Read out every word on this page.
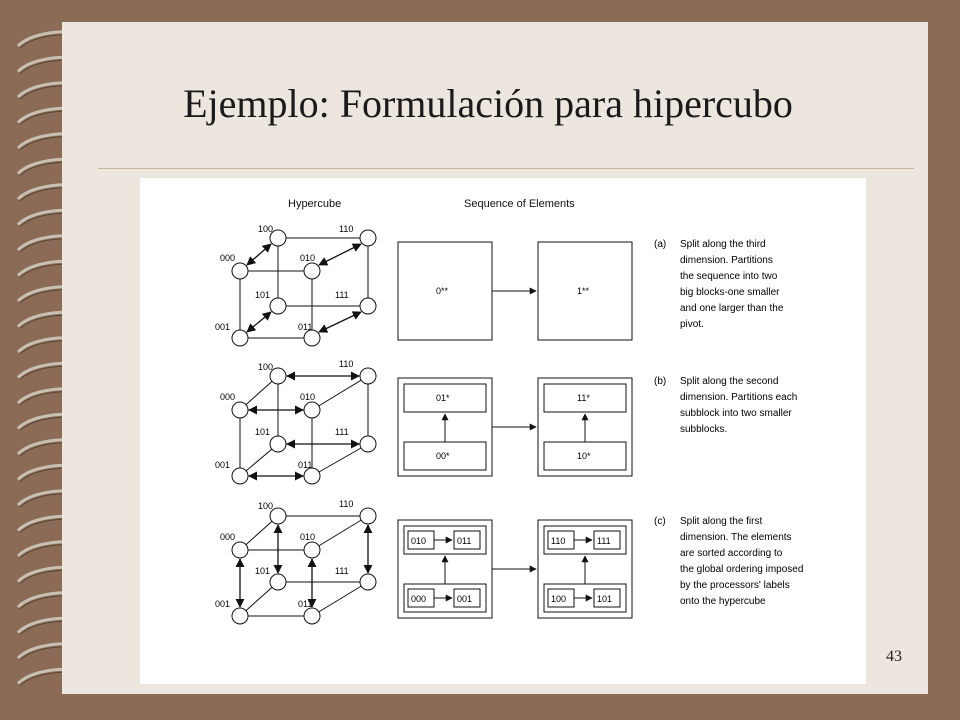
Ejemplo: Formulación para hipercubo
Hypercube	Sequence of Elements
100	110
000	010
101	111
001	011
0**	1**
(a) Split along the third
dimension. Partitions
the sequence into two
big blocks-one smaller
and one larger than the
pivot.
100	110
000	010
101	111
001	011
01*
00*
11*
10*
(b) Split along the second
dimension. Partitions each
subblock into two smaller
subblocks.
100	110
000	010
101	111
001	011
010	011
000	001
110	111
100	101
(c) Split along the first
dimension. The elements
are sorted according to
the global ordering imposed
by the processors' labels
onto the hypercube
43
